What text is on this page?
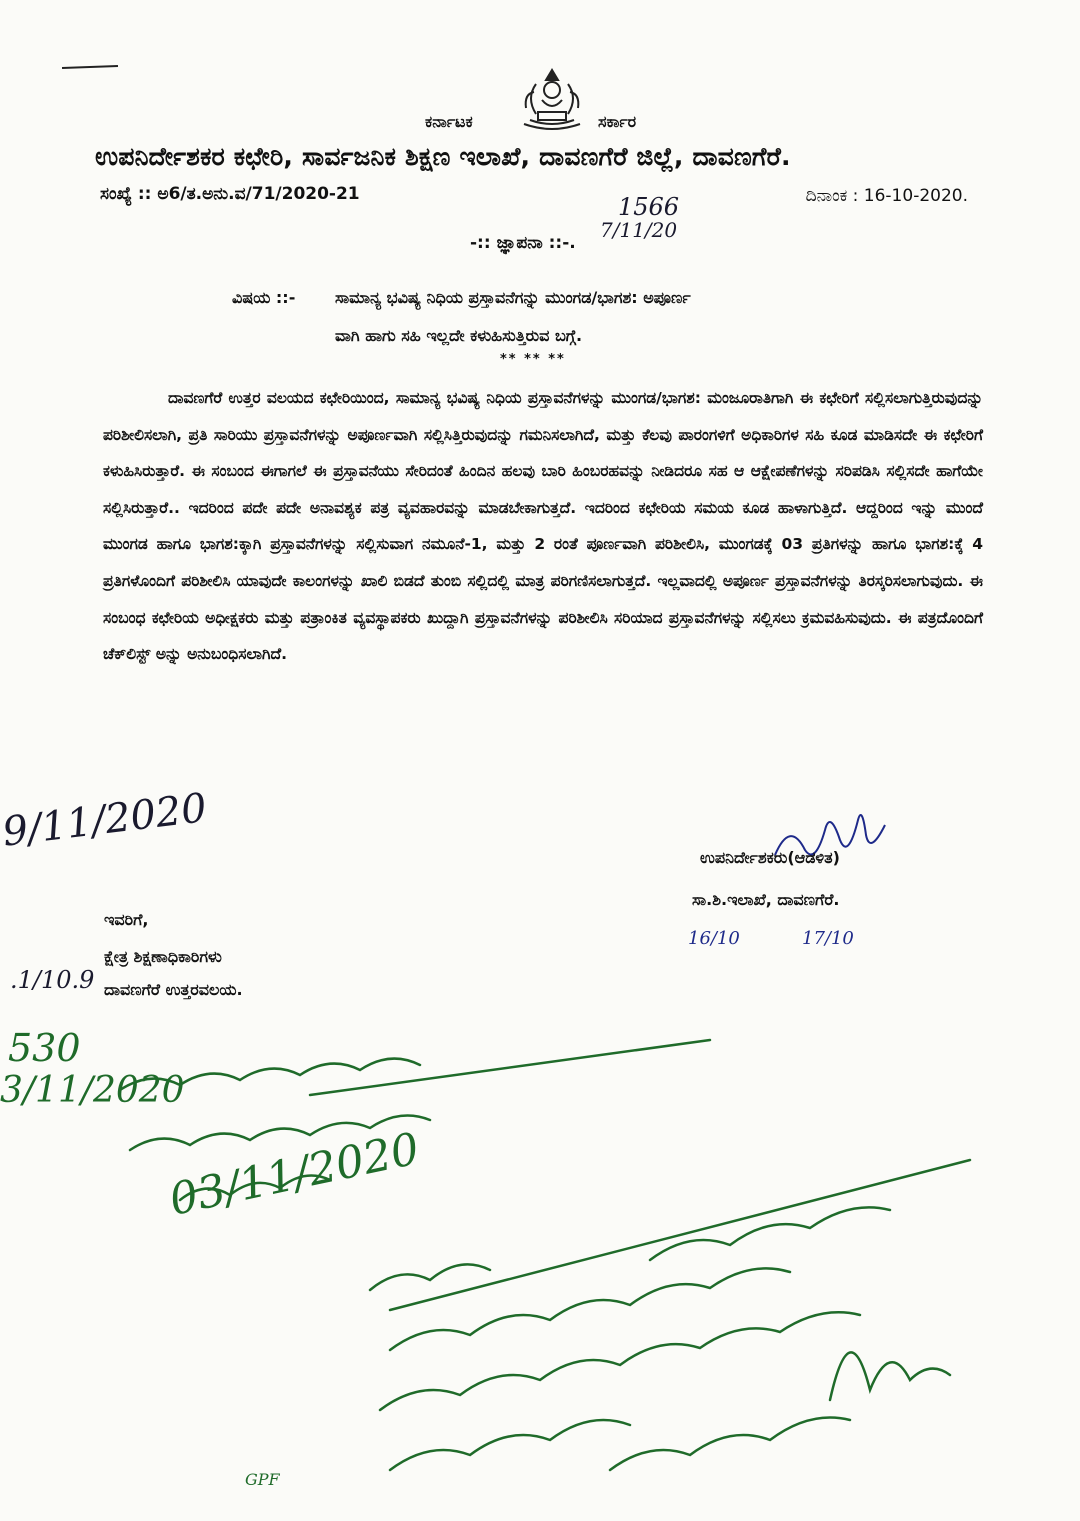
ಕರ್ನಾಟಕ	ಸರ್ಕಾರ
ಉಪನಿರ್ದೇಶಕರ ಕಛೇರಿ, ಸಾರ್ವಜನಿಕ ಶಿಕ್ಷಣ ಇಲಾಖೆ, ದಾವಣಗೆರೆ ಜಿಲ್ಲೆ, ದಾವಣಗೆರೆ.
ಸಂಖ್ಯೆ :: ಅ6/ತ.ಅನು.ವ/71/2020-21	ದಿನಾಂಕ : 16-10-2020.
-:: ಜ್ಞಾಪನಾ ::-.
ವಿಷಯ ::- ಸಾಮಾನ್ಯ ಭವಿಷ್ಯ ನಿಧಿಯ ಪ್ರಸ್ತಾವನೆಗನ್ನು ಮುಂಗಡ/ಭಾಗಶ: ಅಪೂರ್ಣ
ವಾಗಿ ಹಾಗು ಸಹಿ ಇಲ್ಲದೇ ಕಳುಹಿಸುತ್ತಿರುವ ಬಗ್ಗೆ.
** ** **
ದಾವಣಗೆರೆ ಉತ್ತರ ವಲಯದ ಕಛೇರಿಯಿಂದ, ಸಾಮಾನ್ಯ ಭವಿಷ್ಯ ನಿಧಿಯ ಪ್ರಸ್ತಾವನೆಗಳನ್ನು ಮುಂಗಡ/ಭಾಗಶ: ಮಂಜೂರಾತಿಗಾಗಿ ಈ ಕಛೇರಿಗೆ ಸಲ್ಲಿಸಲಾಗುತ್ತಿರುವುದನ್ನು ಪರಿಶೀಲಿಸಲಾಗಿ, ಪ್ರತಿ ಸಾರಿಯು ಪ್ರಸ್ತಾವನೆಗಳನ್ನು ಅಪೂರ್ಣವಾಗಿ ಸಲ್ಲಿಸಿತ್ತಿರುವುದನ್ನು ಗಮನಿಸಲಾಗಿದೆ, ಮತ್ತು ಕೆಲವು ಪಾರಂಗಳಿಗೆ ಅಧಿಕಾರಿಗಳ ಸಹಿ ಕೂಡ ಮಾಡಿಸದೇ ಈ ಕಛೇರಿಗೆ ಕಳುಹಿಸಿರುತ್ತಾರೆ. ಈ ಸಂಬಂದ ಈಗಾಗಲೆ ಈ ಪ್ರಸ್ತಾವನೆಯು ಸೇರಿದಂತೆ ಹಿಂದಿನ ಹಲವು ಬಾರಿ ಹಿಂಬರಹವನ್ನು ನೀಡಿದರೂ ಸಹ ಆ ಆಕ್ಷೇಪಣೆಗಳನ್ನು ಸರಿಪಡಿಸಿ ಸಲ್ಲಿಸದೇ ಹಾಗೆಯೇ ಸಲ್ಲಿಸಿರುತ್ತಾರೆ.. ಇದರಿಂದ ಪದೇ ಪದೇ ಅನಾವಶ್ಯಕ ಪತ್ರ ವ್ಯವಹಾರವನ್ನು ಮಾಡಬೇಕಾಗುತ್ತದೆ. ಇದರಿಂದ ಕಛೇರಿಯ ಸಮಯ ಕೂಡ ಹಾಳಾಗುತ್ತಿದೆ. ಆದ್ದರಿಂದ ಇನ್ನು ಮುಂದೆ ಮುಂಗಡ ಹಾಗೂ ಭಾಗಶ:ಕ್ಕಾಗಿ ಪ್ರಸ್ತಾವನೆಗಳನ್ನು ಸಲ್ಲಿಸುವಾಗ ನಮೂನೆ-1, ಮತ್ತು 2 ರಂತೆ ಪೂರ್ಣವಾಗಿ ಪರಿಶೀಲಿಸಿ, ಮುಂಗಡಕ್ಕೆ 03 ಪ್ರತಿಗಳನ್ನು ಹಾಗೂ ಭಾಗಶ:ಕ್ಕೆ 4 ಪ್ರತಿಗಳೊಂದಿಗೆ ಪರಿಶೀಲಿಸಿ ಯಾವುದೇ ಕಾಲಂಗಳನ್ನು ಖಾಲಿ ಬಿಡದೆ ತುಂಬಿ ಸಲ್ಲಿದಲ್ಲಿ ಮಾತ್ರ ಪರಿಗಣಿಸಲಾಗುತ್ತದೆ. ಇಲ್ಲವಾದಲ್ಲಿ ಅಪೂರ್ಣ ಪ್ರಸ್ತಾವನೆಗಳನ್ನು ತಿರಸ್ಕರಿಸಲಾಗುವುದು. ಈ ಸಂಬಂಧ ಕಛೇರಿಯ ಅಧೀಕ್ಷಕರು ಮತ್ತು ಪತ್ರಾಂಕಿತ ವ್ಯವಸ್ಥಾಪಕರು ಖುದ್ದಾಗಿ ಪ್ರಸ್ತಾವನೆಗಳನ್ನು ಪರಿಶೀಲಿಸಿ ಸರಿಯಾದ ಪ್ರಸ್ತಾವನೆಗಳನ್ನು ಸಲ್ಲಿಸಲು ಕ್ರಮವಹಿಸುವುದು. ಈ ಪತ್ರದೊಂದಿಗೆ ಚೆಕ್‌ಲಿಸ್ಟ್ ಅನ್ನು ಅನುಬಂಧಿಸಲಾಗಿದೆ.
ಉಪನಿರ್ದೇಶಕರು(ಆಡಳಿತ)
ಸಾ.ಶಿ.ಇಲಾಖೆ, ದಾವಣಗೆರೆ.
ಇವರಿಗೆ,
ಕ್ಷೇತ್ರ ಶಿಕ್ಷಣಾಧಿಕಾರಿಗಳು
ದಾವಣಗೆರೆ ಉತ್ತರವಲಯ.
1566
7/11/20
9/11/2020
.1/10.9
16/10	17/10
530
3/11/2020
03/11/2020
GPF
